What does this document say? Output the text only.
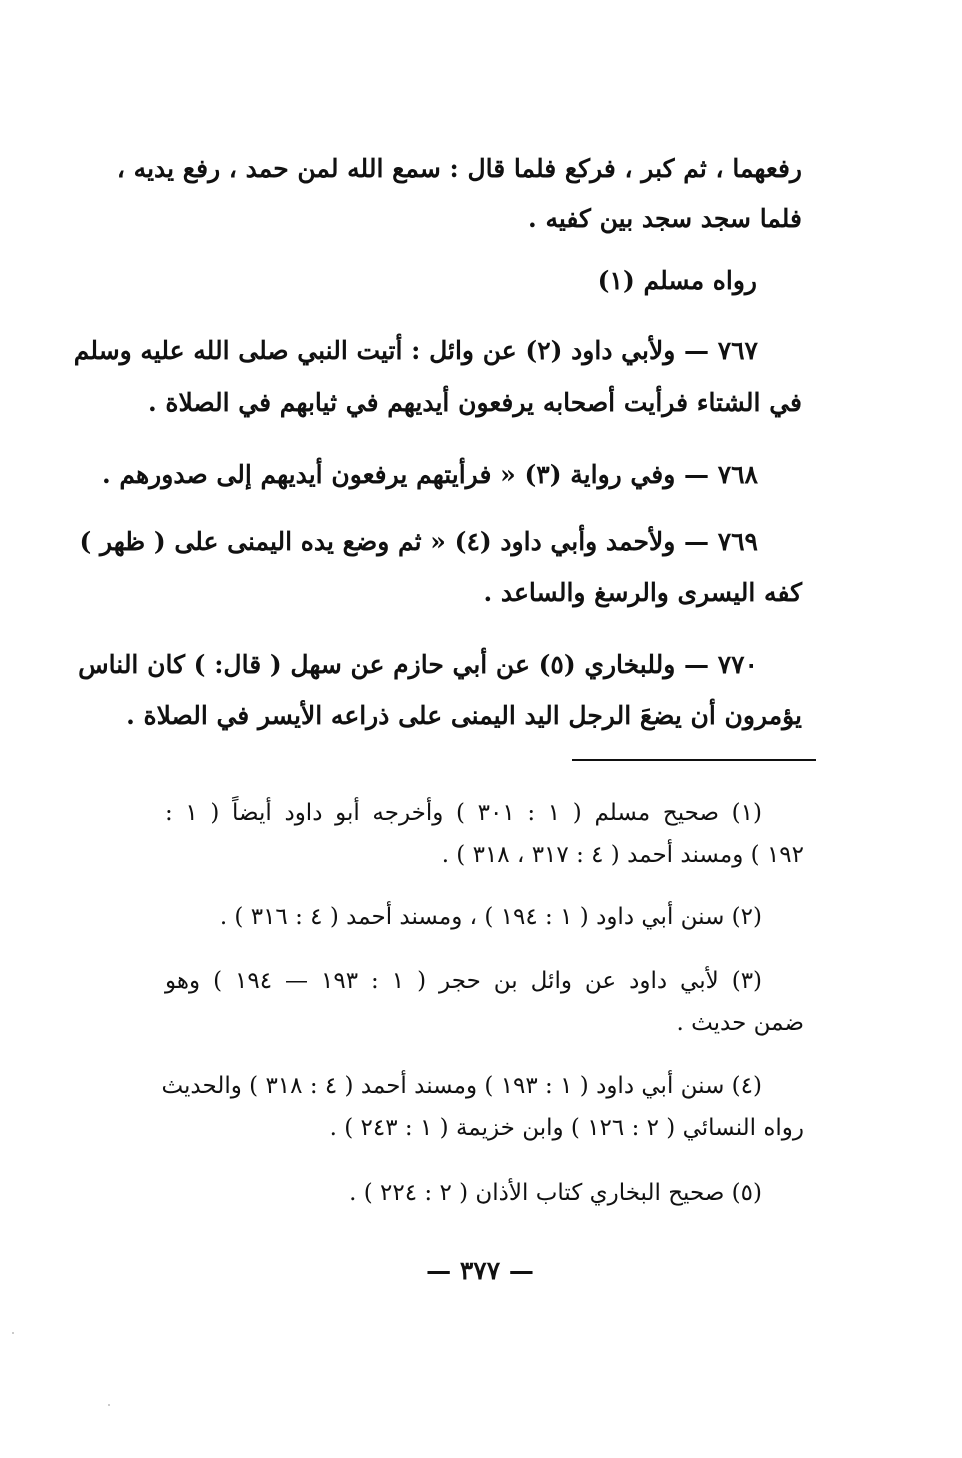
رفعهما ، ثم كبر ، فركع فلما قال : سمع الله لمن حمد ، رفع يديه ،
فلما سجد سجد بين كفيه .
رواه مسلم (١)
٧٦٧ — ولأبي داود (٢) عن وائل : أتيت النبي صلى الله عليه وسلم
في الشتاء فرأيت أصحابه يرفعون أيديهم في ثيابهم في الصلاة .
٧٦٨ — وفي رواية (٣) « فرأيتهم يرفعون أيديهم إلى صدورهم .
٧٦٩ — ولأحمد وأبي داود (٤) « ثم وضع يده اليمنى على ( ظهر )
كفه اليسرى والرسغ والساعد .
٧٧٠ — وللبخاري (٥) عن أبي حازم عن سهل ( قال: ) كان الناس
يؤمرون أن يضعَ الرجل اليد اليمنى على ذراعه الأيسر في الصلاة .
(١) صحيح مسلم ( ١ : ٣٠١ ) وأخرجه أبو داود أيضاً ( ١ :
١٩٢ ) ومسند أحمد ( ٤ : ٣١٧ ، ٣١٨ ) .
(٢) سنن أبي داود ( ١ : ١٩٤ ) ، ومسند أحمد ( ٤ : ٣١٦ ) .
(٣) لأبي داود عن وائل بن حجر ( ١ : ١٩٣ — ١٩٤ ) وهو
ضمن حديث .
(٤) سنن أبي داود ( ١ : ١٩٣ ) ومسند أحمد ( ٤ : ٣١٨ ) والحديث
رواه النسائي ( ٢ : ١٢٦ ) وابن خزيمة ( ١ : ٢٤٣ ) .
(٥) صحيح البخاري كتاب الأذان ( ٢ : ٢٢٤ ) .
— ٣٧٧ —
